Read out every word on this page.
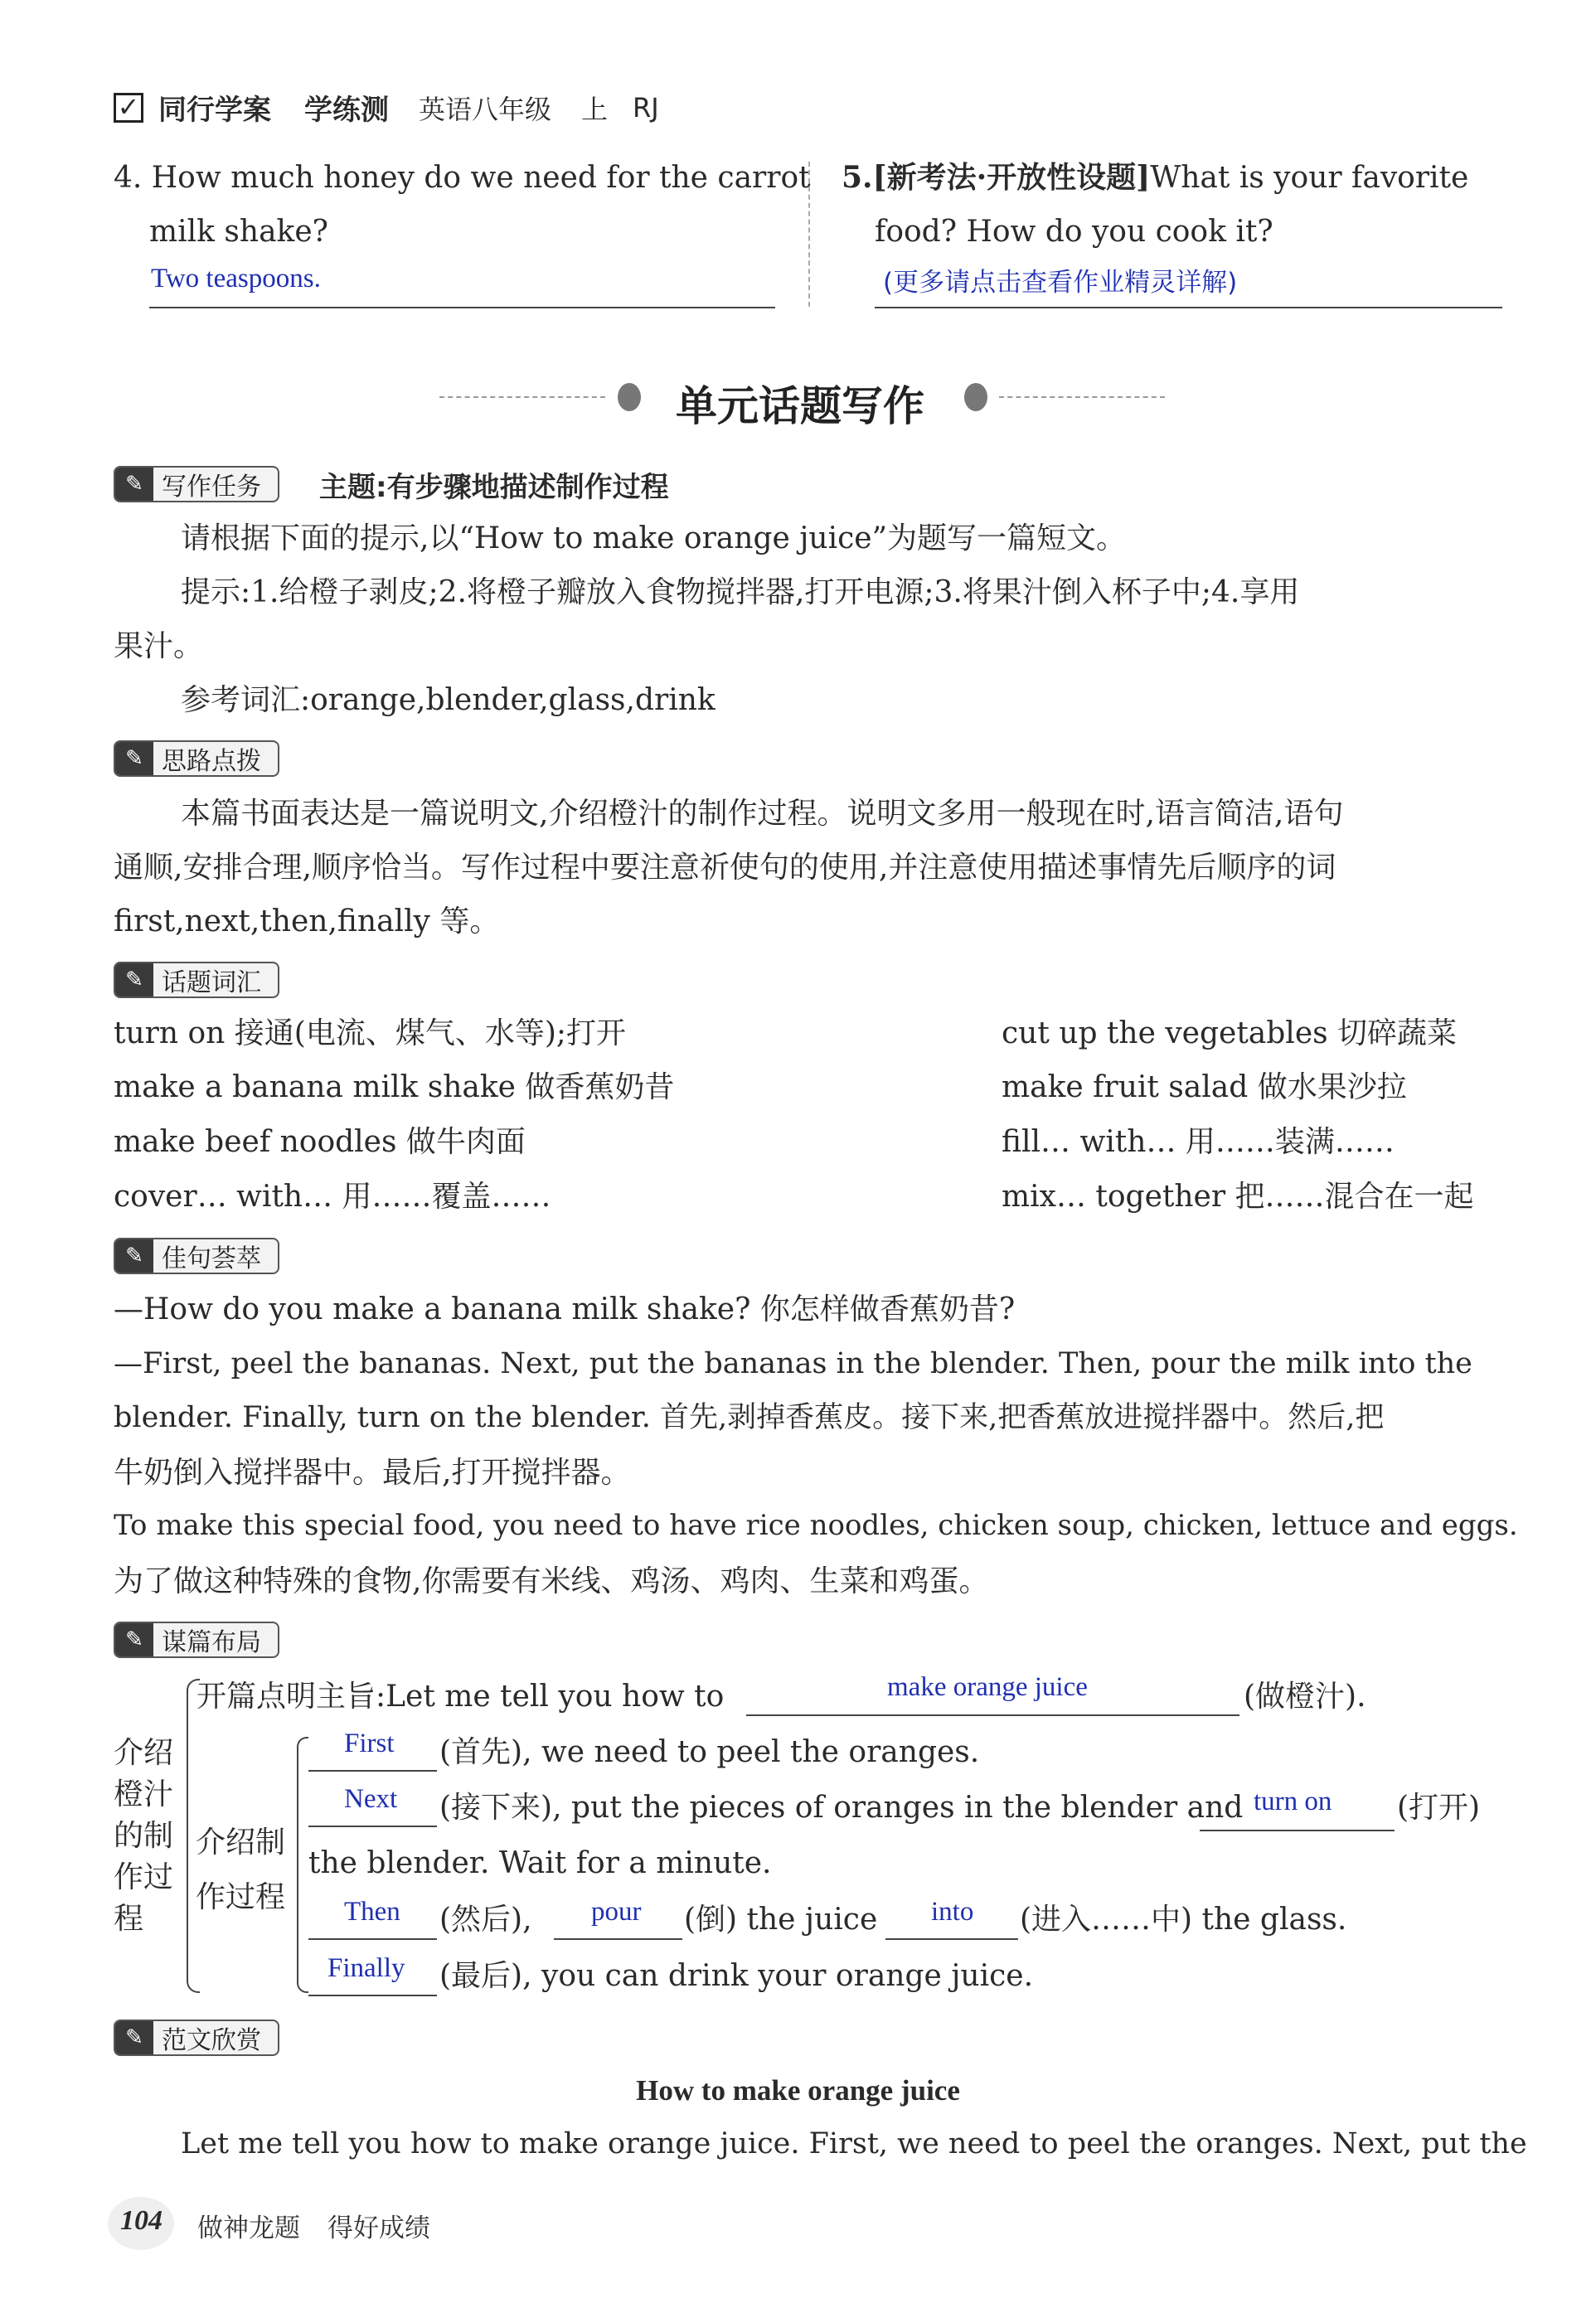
✓ 同行学案 学练测 英语八年级 上 RJ
4. How much honey do we need for the carrot
milk shake?
Two teaspoons.
5.[新考法·开放性设题]What is your favorite
food? How do you cook it?
(更多请点击查看作业精灵详解)
单元话题写作
✎ 写作任务 主题:有步骤地描述制作过程
请根据下面的提示,以“How to make orange juice”为题写一篇短文。
提示:1.给橙子剥皮;2.将橙子瓣放入食物搅拌器,打开电源;3.将果汁倒入杯子中;4.享用
果汁。
参考词汇:orange,blender,glass,drink
✎ 思路点拨
本篇书面表达是一篇说明文,介绍橙汁的制作过程。说明文多用一般现在时,语言简洁,语句
通顺,安排合理,顺序恰当。写作过程中要注意祈使句的使用,并注意使用描述事情先后顺序的词
first,next,then,finally 等。
✎ 话题词汇
turn on 接通(电流、煤气、水等);打开
make a banana milk shake 做香蕉奶昔
make beef noodles 做牛肉面
cover… with… 用……覆盖……
cut up the vegetables 切碎蔬菜
make fruit salad 做水果沙拉
fill… with… 用……装满……
mix… together 把……混合在一起
✎ 佳句荟萃
—How do you make a banana milk shake? 你怎样做香蕉奶昔?
—First, peel the bananas. Next, put the bananas in the blender. Then, pour the milk into the
blender. Finally, turn on the blender. 首先,剥掉香蕉皮。接下来,把香蕉放进搅拌器中。然后,把
牛奶倒入搅拌器中。最后,打开搅拌器。
To make this special food, you need to have rice noodles, chicken soup, chicken, lettuce and eggs.
为了做这种特殊的食物,你需要有米线、鸡汤、鸡肉、生菜和鸡蛋。
✎ 谋篇布局
介绍
橙汁
的制
作过
程
介绍制
作过程
开篇点明主旨:Let me tell you how to	make orange juice	(做橙汁).
First (首先), we need to peel the oranges.
Next (接下来), put the pieces of oranges in the blender and turn on (打开)
the blender. Wait for a minute.
Then (然后), pour (倒) the juice into (进入……中) the glass.
Finally (最后), you can drink your orange juice.
✎ 范文欣赏
How to make orange juice
Let me tell you how to make orange juice. First, we need to peel the oranges. Next, put the
104 做神龙题 得好成绩
